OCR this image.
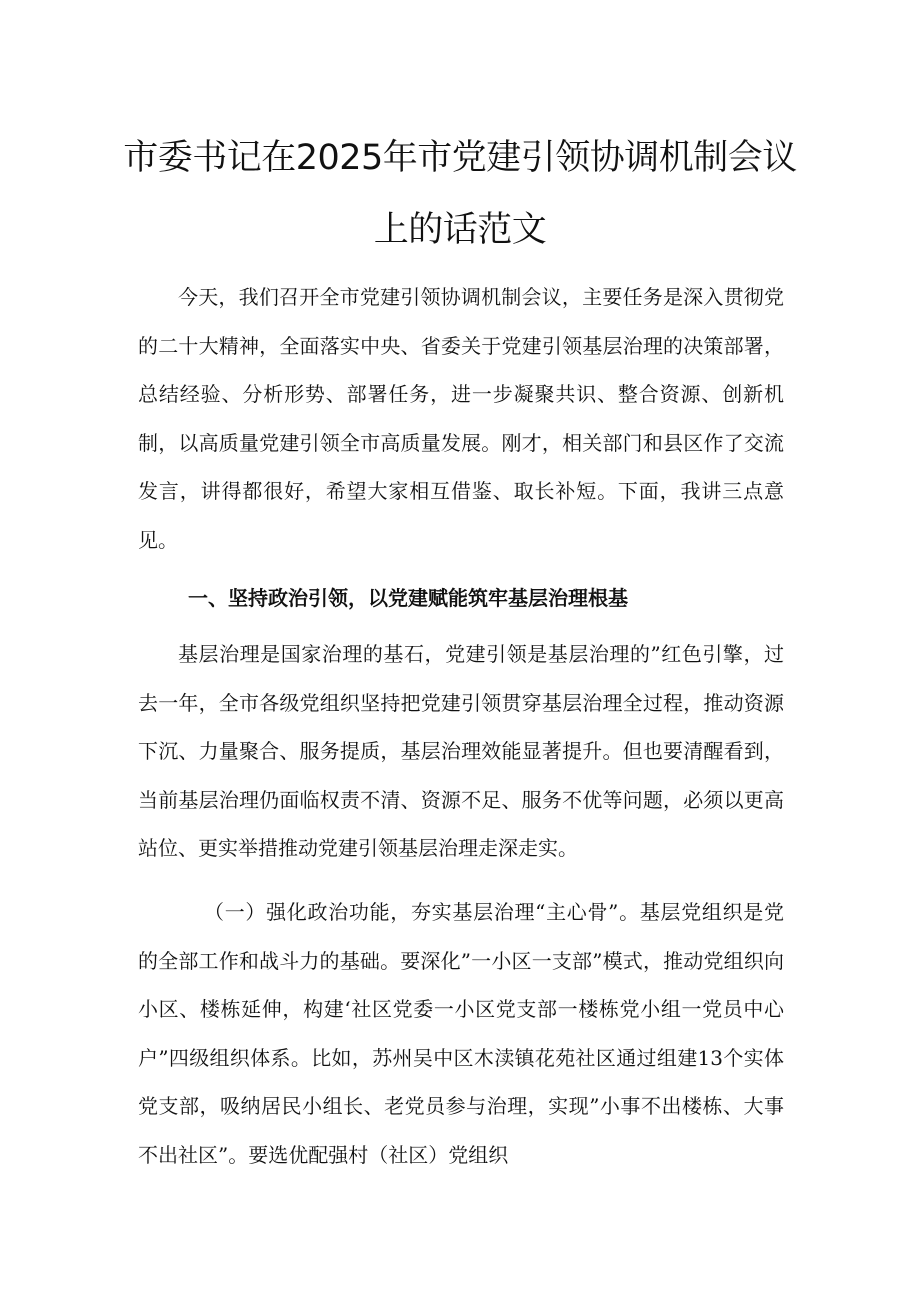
市委书记在2025年市党建引领协调机制会议
上的话范文

今天，我们召开全市党建引领协调机制会议，主要任务是深入贯彻党的二十大精神，全面落实中央、省委关于党建引领基层治理的决策部署，总结经验、分析形势、部署任务，进一步凝聚共识、整合资源、创新机制，以高质量党建引领全市高质量发展。刚才，相关部门和县区作了交流发言，讲得都很好，希望大家相互借鉴、取长补短。下面，我讲三点意见。

一、坚持政治引领，以党建赋能筑牢基层治理根基

基层治理是国家治理的基石，党建引领是基层治理的”红色引擎，过去一年，全市各级党组织坚持把党建引领贯穿基层治理全过程，推动资源下沉、力量聚合、服务提质，基层治理效能显著提升。但也要清醒看到，当前基层治理仍面临权责不清、资源不足、服务不优等问题，必须以更高站位、更实举措推动党建引领基层治理走深走实。

（一）强化政治功能，夯实基层治理“主心骨”。基层党组织是党的全部工作和战斗力的基础。要深化”一小区一支部”模式，推动党组织向小区、楼栋延伸，构建‘社区党委一小区党支部一楼栋党小组一党员中心户”四级组织体系。比如，苏州吴中区木渎镇花苑社区通过组建13个实体党支部，吸纳居民小组长、老党员参与治理，实现”小事不出楼栋、大事不出社区”。要选优配强村（社区）党组织
